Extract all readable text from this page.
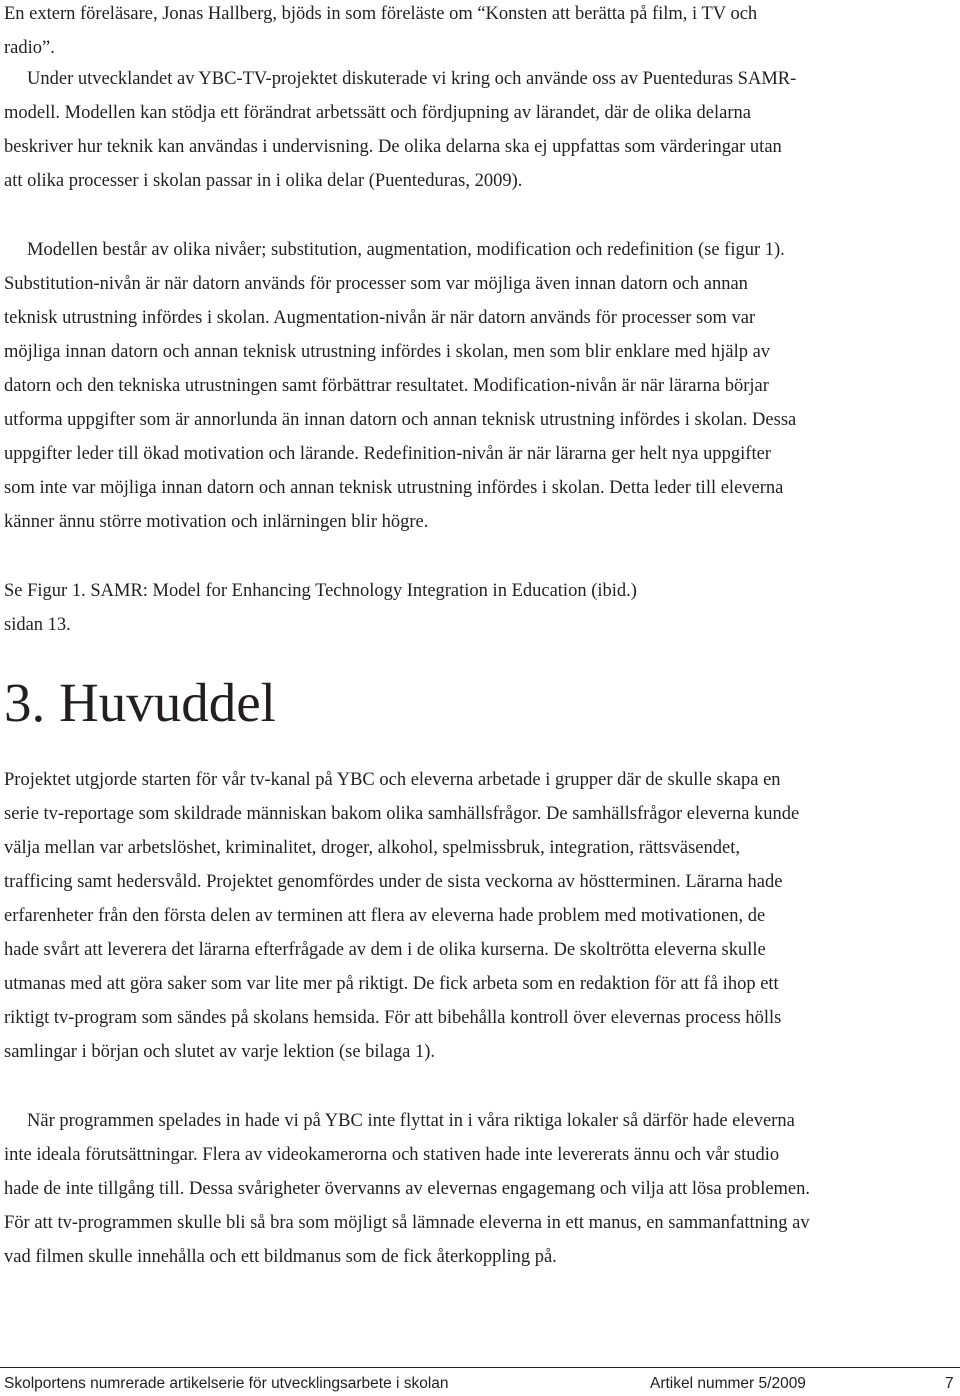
En extern föreläsare, Jonas Hallberg, bjöds in som föreläste om “Konsten att berätta på film, i TV och radio”.

Under utvecklandet av YBC-TV-projektet diskuterade vi kring och använde oss av Puenteduras SAMR-modell. Modellen kan stödja ett förändrat arbetssätt och fördjupning av lärandet, där de olika delarna beskriver hur teknik kan användas i undervisning. De olika delarna ska ej uppfattas som värderingar utan att olika processer i skolan passar in i olika delar (Puenteduras, 2009).

Modellen består av olika nivåer; substitution, augmentation, modification och redefinition (se figur 1). Substitution-nivån är när datorn används för processer som var möjliga även innan datorn och annan teknisk utrustning infördes i skolan. Augmentation-nivån är när datorn används för processer som var möjliga innan datorn och annan teknisk utrustning infördes i skolan, men som blir enklare med hjälp av datorn och den tekniska utrustningen samt förbättrar resultatet. Modification-nivån är när lärarna börjar utforma uppgifter som är annorlunda än innan datorn och annan teknisk utrustning infördes i skolan. Dessa uppgifter leder till ökad motivation och lärande. Redefinition-nivån är när lärarna ger helt nya uppgifter som inte var möjliga innan datorn och annan teknisk utrustning infördes i skolan. Detta leder till eleverna känner ännu större motivation och inlärningen blir högre.

Se Figur 1. SAMR: Model for Enhancing Technology Integration in Education (ibid.)

sidan 13.

3. Huvuddel

Projektet utgjorde starten för vår tv-kanal på YBC och eleverna arbetade i grupper där de skulle skapa en serie tv-reportage som skildrade människan bakom olika samhällsfrågor. De samhällsfrågor eleverna kunde välja mellan var arbetslöshet, kriminalitet, droger, alkohol, spelmissbruk, integration, rättsväsendet, trafficing samt hedersvåld. Projektet genomfördes under de sista veckorna av höstterminen. Lärarna hade erfarenheter från den första delen av terminen att flera av eleverna hade problem med motivationen, de hade svårt att leverera det lärarna efterfrågade av dem i de olika kurserna. De skoltrötta eleverna skulle utmanas med att göra saker som var lite mer på riktigt. De fick arbeta som en redaktion för att få ihop ett riktigt tv-program som sändes på skolans hemsida. För att bibehålla kontroll över elevernas process hölls samlingar i början och slutet av varje lektion (se bilaga 1).

När programmen spelades in hade vi på YBC inte flyttat in i våra riktiga lokaler så därför hade eleverna inte ideala förutsättningar. Flera av videokamerorna och stativen hade inte levererats ännu och vår studio hade de inte tillgång till. Dessa svårigheter övervanns av elevernas engagemang och vilja att lösa problemen. För att tv-programmen skulle bli så bra som möjligt så lämnade eleverna in ett manus, en sammanfattning av vad filmen skulle innehålla och ett bildmanus som de fick återkoppling på.

Skolportens numrerade artikelserie för utvecklingsarbete i skolan	Artikel nummer 5/2009	7
